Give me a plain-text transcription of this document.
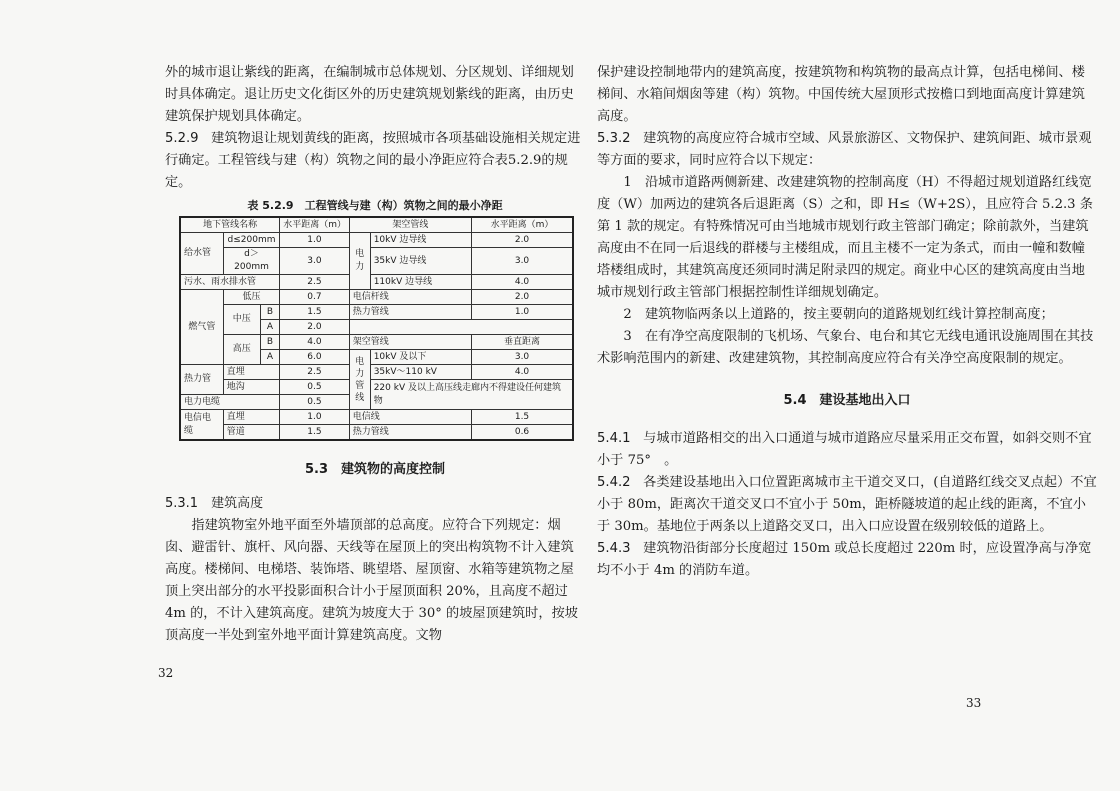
外的城市退让紫线的距离，在编制城市总体规划、分区规划、详细规划时具体确定。退让历史文化街区外的历史建筑规划紫线的距离，由历史建筑保护规划具体确定。

5.2.9 建筑物退让规划黄线的距离，按照城市各项基础设施相关规定进行确定。工程管线与建（构）筑物之间的最小净距应符合表5.2.9的规定。

表 5.2.9　工程管线与建（构）筑物之间的最小净距
地下管线名称			水平距离（m）	架空管线		水平距离（m）
给水管	d≤200mm		1.0	电力	10kV 边导线	2.0
	d＞200mm		3.0		35kV 边导线	3.0
污水、雨水排水管			2.5		110kV 边导线	4.0
燃气管	低压		0.7	电信杆线		2.0
	中压	B	1.5	热力管线		1.0
		A	2.0			
	高压	B	4.0	架空管线		垂直距离
		A	6.0	电力管线	10kV 及以下	3.0
热力管	直埋		2.5		35kV～110 kV	4.0
	地沟		0.5		220 kV 及以上高压线走廊内不得建设任何建筑物	
电力电缆			0.5			
电信电缆	直埋		1.0	电信线		1.5
	管道		1.5	热力管线		0.6
5.3　建筑物的高度控制
5.3.1　建筑高度

指建筑物室外地平面至外墙顶部的总高度。应符合下列规定：烟囱、避雷针、旗杆、风向器、天线等在屋顶上的突出构筑物不计入建筑高度。楼梯间、电梯塔、装饰塔、眺望塔、屋顶窗、水箱等建筑物之屋顶上突出部分的水平投影面积合计小于屋顶面积 20%，且高度不超过 4m 的，不计入建筑高度。建筑为坡度大于 30° 的坡屋顶建筑时，按坡顶高度一半处到室外地平面计算建筑高度。文物

32

保护建设控制地带内的建筑高度，按建筑物和构筑物的最高点计算，包括电梯间、楼梯间、水箱间烟囱等建（构）筑物。中国传统大屋顶形式按檐口到地面高度计算建筑高度。

5.3.2 建筑物的高度应符合城市空域、风景旅游区、文物保护、建筑间距、城市景观等方面的要求，同时应符合以下规定：

1　沿城市道路两侧新建、改建建筑物的控制高度（H）不得超过规划道路红线宽度（W）加两边的建筑各后退距离（S）之和，即 H≤（W+2S），且应符合 5.2.3 条第 1 款的规定。有特殊情况可由当地城市规划行政主管部门确定；除前款外，当建筑高度由不在同一后退线的群楼与主楼组成，而且主楼不一定为条式，而由一幢和数幢塔楼组成时，其建筑高度还须同时满足附录四的规定。商业中心区的建筑高度由当地城市规划行政主管部门根据控制性详细规划确定。

2　建筑物临两条以上道路的，按主要朝向的道路规划红线计算控制高度；

3　在有净空高度限制的飞机场、气象台、电台和其它无线电通讯设施周围在其技术影响范围内的新建、改建建筑物，其控制高度应符合有关净空高度限制的规定。

5.4　建设基地出入口

5.4.1 与城市道路相交的出入口通道与城市道路应尽量采用正交布置，如斜交则不宜小于 75°　。

5.4.2 各类建设基地出入口位置距离城市主干道交叉口，(自道路红线交叉点起）不宜小于 80m，距离次干道交叉口不宜小于 50m，距桥隧坡道的起止线的距离，不宜小于 30m。基地位于两条以上道路交叉口，出入口应设置在级别较低的道路上。

5.4.3 建筑物沿街部分长度超过 150m 或总长度超过 220m 时，应设置净高与净宽均不小于 4m 的消防车道。

33
